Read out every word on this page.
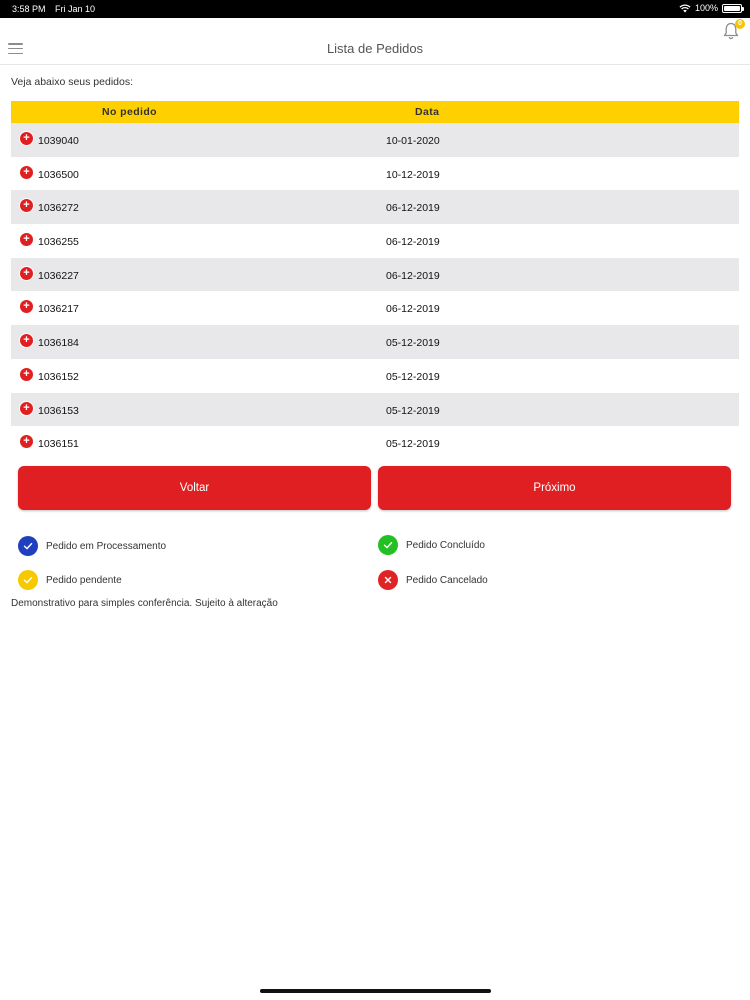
3:58 PM Fri Jan 10	100%
Lista de Pedidos
0
Veja abaixo seus pedidos:
No pedido	Data
+ 1039040	10-01-2020
+ 1036500	10-12-2019
+ 1036272	06-12-2019
+ 1036255	06-12-2019
+ 1036227	06-12-2019
+ 1036217	06-12-2019
+ 1036184	05-12-2019
+ 1036152	05-12-2019
+ 1036153	05-12-2019
+ 1036151	05-12-2019
Voltar	Próximo
Pedido em Processamento	Pedido Concluído
Pedido pendente	Pedido Cancelado
Demonstrativo para simples conferência. Sujeito à alteração
